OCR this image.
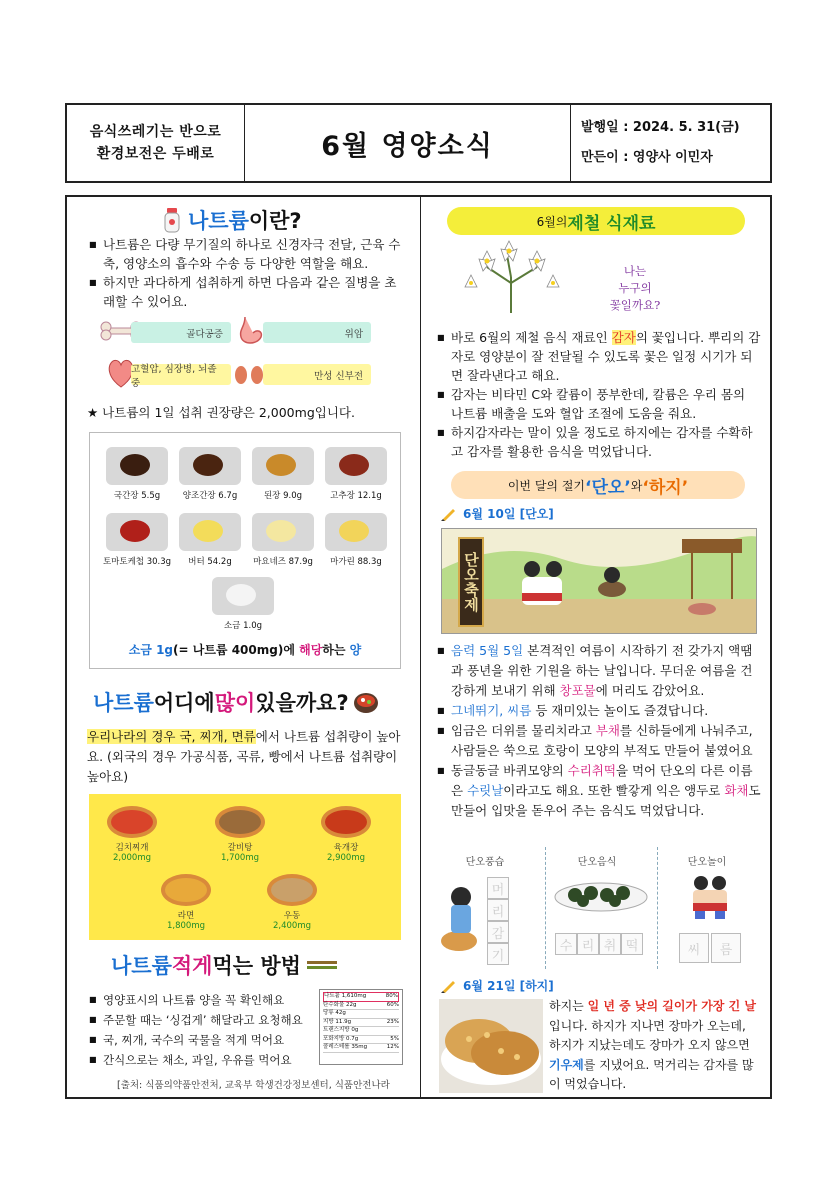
음식쓰레기는 반으로
환경보전은 두배로	6월 영양소식
발행일 : 2024. 5. 31(금)
만든이 : 영양사 이민자
나트륨 이란?
■ 나트륨은 다량 무기질의 하나로 신경자극 전달, 근육 수축, 영양소의 흡수와 수송 등 다양한 역할을 해요.
■ 하지만 과다하게 섭취하게 하면 다음과 같은 질병을 초래할 수 있어요.
골다공증	위암
고혈압, 심장병, 뇌졸중
만성 신부전
★ 나트륨의 1일 섭취 권장량은 2,000mg입니다.
국간장 5.5g	양조간장 6.7g	된장 9.0g	고추장 12.1g
토마토케첩 30.3g	버터 54.2g	마요네즈 87.9g	마가린 88.3g
소금 1.0g
소금 1g(= 나트륨 400mg)에 해당하는 양
나트륨 어디에 많이 있을까요?
우리나라의 경우 국, 찌개, 면류에서 나트륨 섭취량이 높아요. (외국의 경우 가공식품, 곡류, 빵에서 나트륨 섭취량이 높아요)
김치찌개
2,000mg
갈비탕
1,700mg
육개장
2,900mg
라면
1,800mg
우동
2,400mg
나트륨 적게 먹는 방법
■ 영양표시의 나트륨 양을 꼭 확인해요
■ 주문할 때는 ‘싱겁게’ 해달라고 요청해요
■ 국, 찌개, 국수의 국물을 적게 먹어요
■ 간식으로는 채소, 과일, 우유를 먹어요
나트륨 1,610mg	80%
탄수화물 22g	60%
당류 42g
지방 11.9g	23%
트랜스지방 0g
포화지방 0.7g	5%
콜레스테롤 35mg	12%
[출처: 식품의약품안전처, 교육부 학생건강정보센터, 식품안전나라
6월의 제철 식재료
나는
누구의
꽃일까요?
■ 바로 6월의 제철 음식 재료인 감자의 꽃입니다. 뿌리의 감자로 영양분이 잘 전달될 수 있도록 꽃은 일정 시기가 되면 잘라낸다고 해요.
■ 감자는 비타민 C와 칼륨이 풍부한데, 칼륨은 우리 몸의 나트륨 배출을 도와 혈압 조절에 도움을 줘요.
■ 하지감자라는 말이 있을 정도로 하지에는 감자를 수확하고 감자를 활용한 음식을 먹었답니다.
이번 달의 절기 ‘단오’ 와 ‘하지’
6월 10일 [단오]
단오축제
■ 음력 5월 5일 본격적인 여름이 시작하기 전 갖가지 액땜과 풍년을 위한 기원을 하는 날입니다. 무더운 여름을 건강하게 보내기 위해 창포물에 머리도 감았어요.
■ 그네뛰기, 씨름 등 재미있는 놀이도 즐겼답니다.
■ 임금은 더위를 물리치라고 부채를 신하들에게 나눠주고, 사람들은 쑥으로 호랑이 모양의 부적도 만들어 붙였어요
■ 동글동글 바퀴모양의 수리취떡을 먹어 단오의 다른 이름은 수릿날이라고도 해요. 또한 빨갛게 익은 앵두로 화채도 만들어 입맛을 돋우어 주는 음식도 먹었답니다.
단오풍습	단오음식	단오놀이
머
리
감
기
수 리 취 떡	씨	름
6월 21일 [하지]
하지는 일 년 중 낮의 길이가 가장 긴 날입니다. 하지가 지나면 장마가 오는데, 하지가 지났는데도 장마가 오지 않으면 기우제를 지냈어요. 먹거리는 감자를 많이 먹었습니다.
